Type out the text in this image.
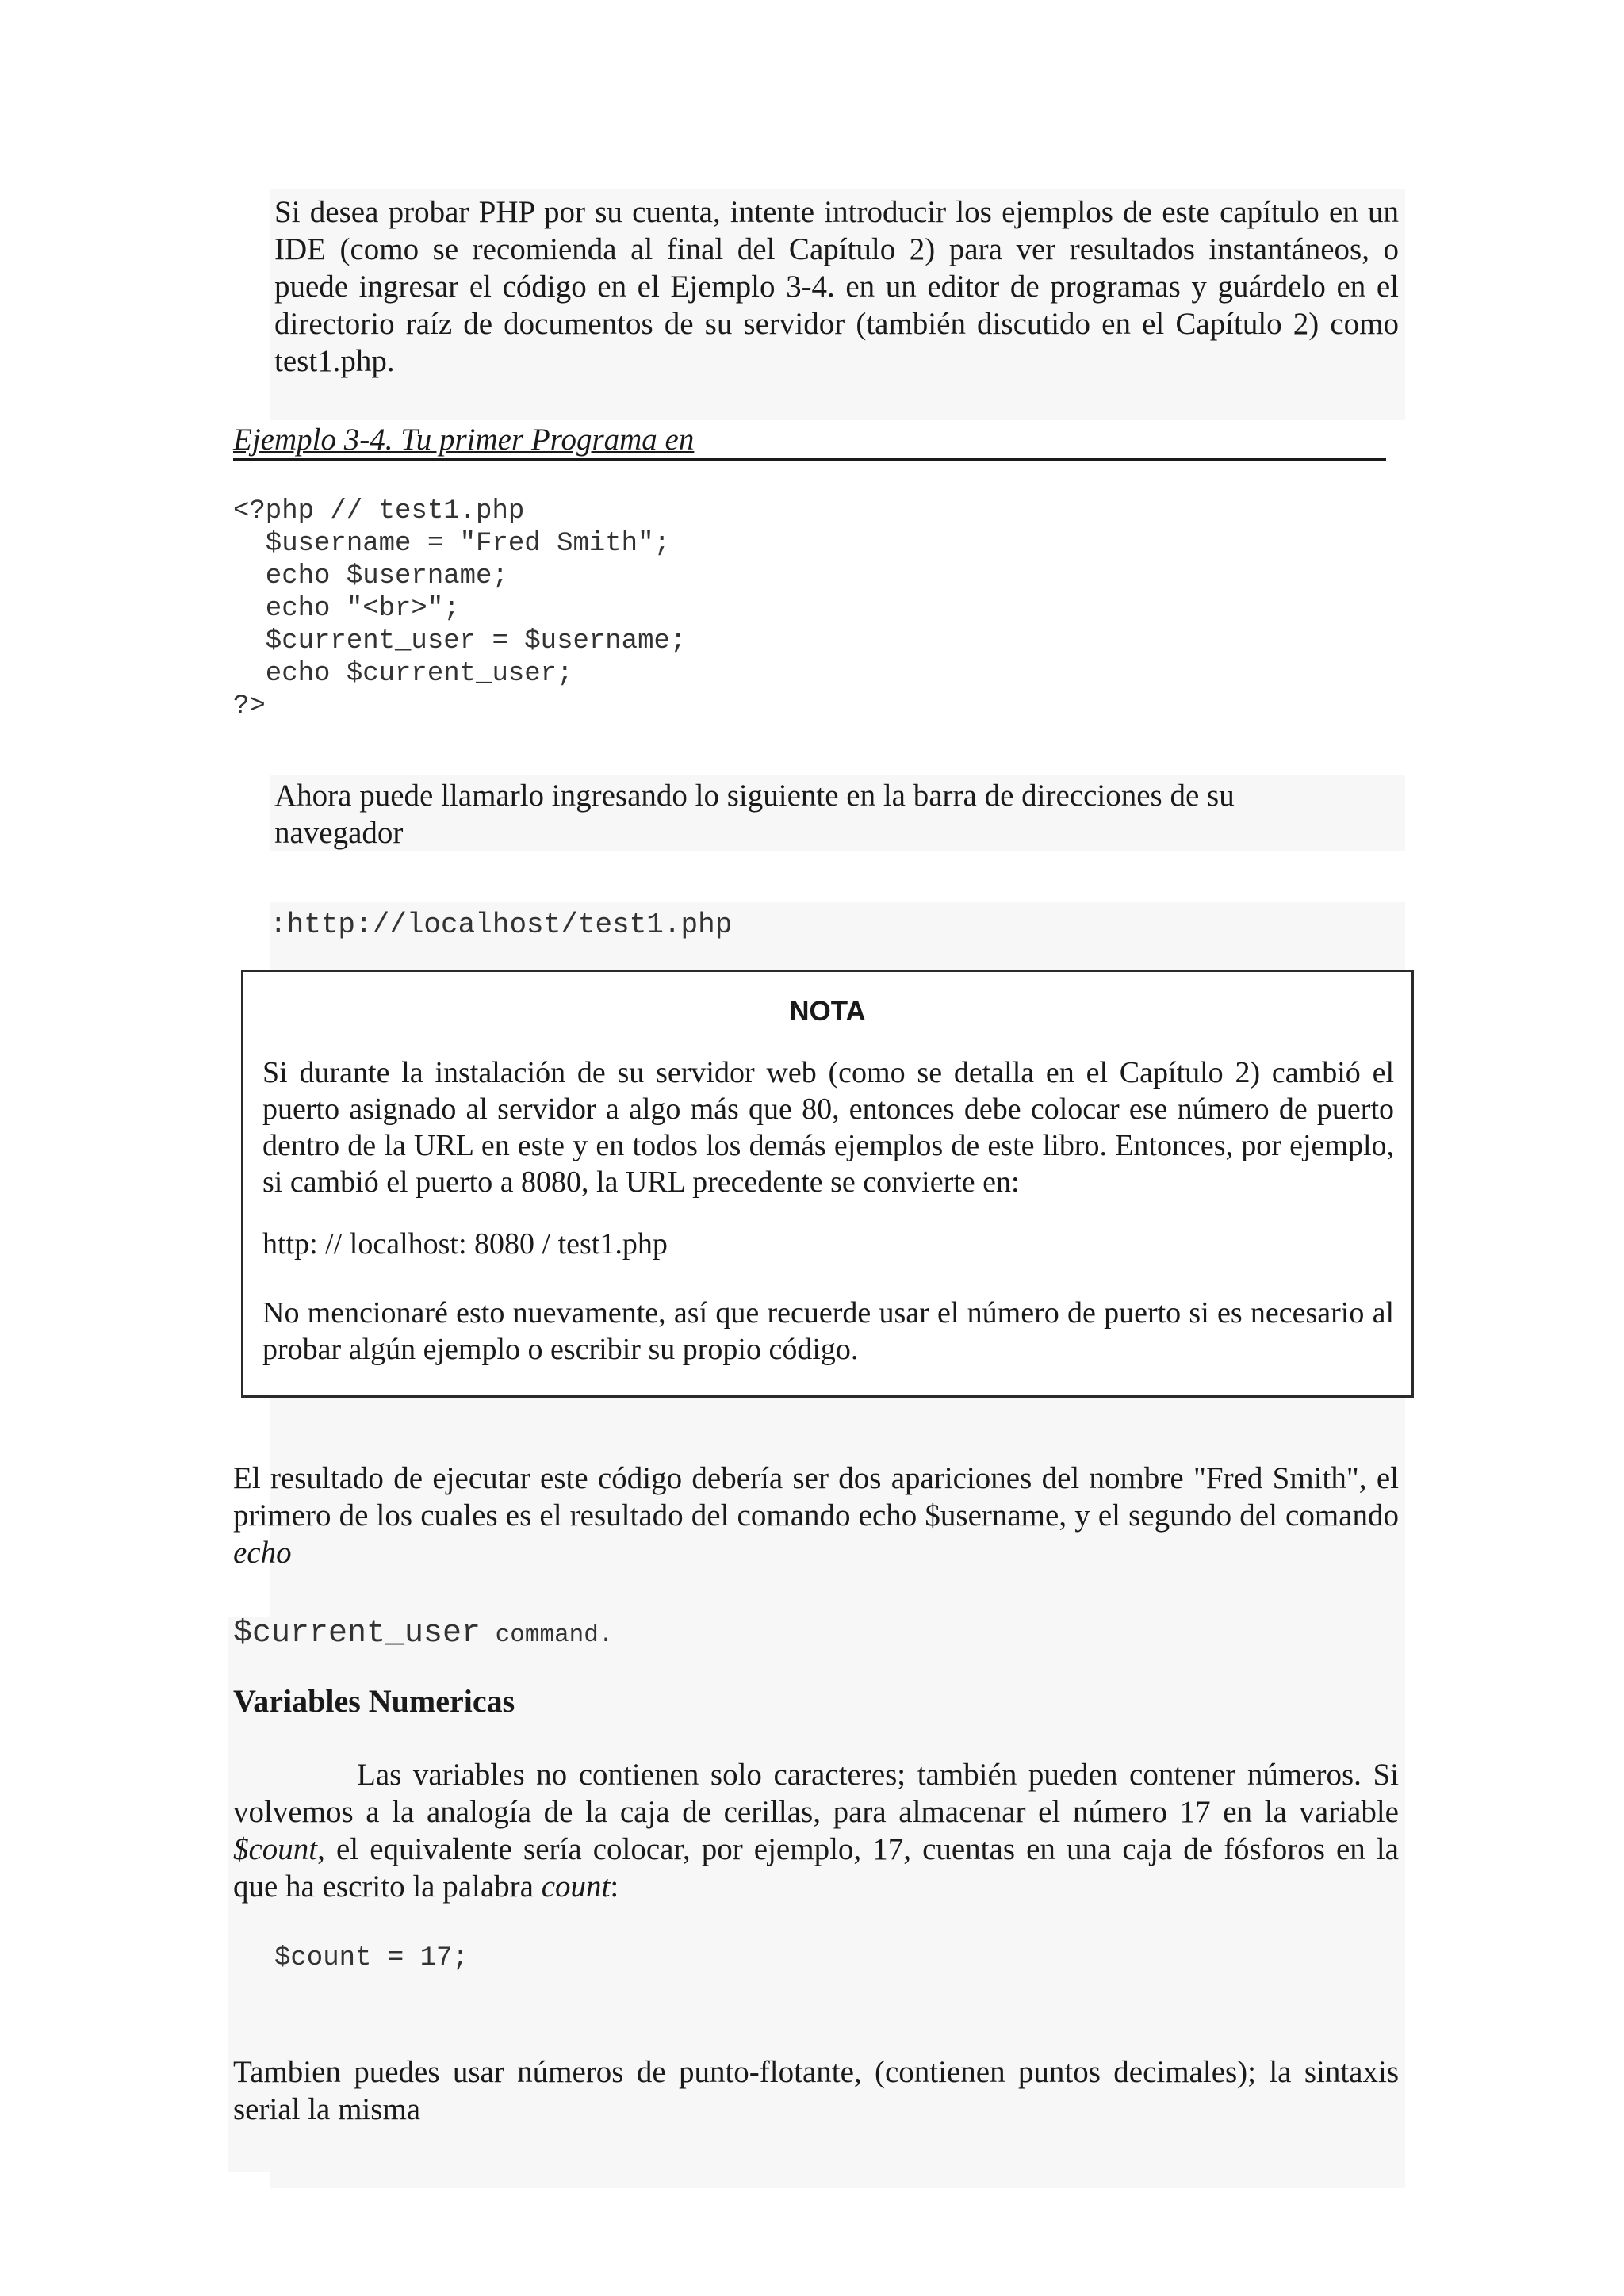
Si desea probar PHP por su cuenta, intente introducir los ejemplos de este capítulo en un IDE (como se recomienda al final del Capítulo 2) para ver resultados instantáneos, o puede ingresar el código en el Ejemplo 3-4. en un editor de programas y guárdelo en el directorio raíz de documentos de su servidor (también discutido en el Capítulo 2) como test1.php.
Ejemplo 3-4. Tu primer Programa en
<?php // test1.php
$username = "Fred Smith";
echo $username;
echo "<br>";
$current_user = $username;
echo $current_user;
?>
Ahora puede llamarlo ingresando lo siguiente en la barra de direcciones de su navegador
:http://localhost/test1.php
NOTA
Si durante la instalación de su servidor web (como se detalla en el Capítulo 2) cambió el puerto asignado al servidor a algo más que 80, entonces debe colocar ese número de puerto dentro de la URL en este y en todos los demás ejemplos de este libro. Entonces, por ejemplo, si cambió el puerto a 8080, la URL precedente se convierte en:
http: // localhost: 8080 / test1.php
No mencionaré esto nuevamente, así que recuerde usar el número de puerto si es necesario al probar algún ejemplo o escribir su propio código.
El resultado de ejecutar este código debería ser dos apariciones del nombre "Fred Smith", el primero de los cuales es el resultado del comando echo $username, y el segundo del comando echo
$current_user command.
Variables Numericas
Las variables no contienen solo caracteres; también pueden contener números. Si volvemos a la analogía de la caja de cerillas, para almacenar el número 17 en la variable $count, el equivalente sería colocar, por ejemplo, 17, cuentas en una caja de fósforos en la que ha escrito la palabra count:
$count = 17;
Tambien puedes usar números de punto-flotante, (contienen puntos decimales); la sintaxis serial la misma
